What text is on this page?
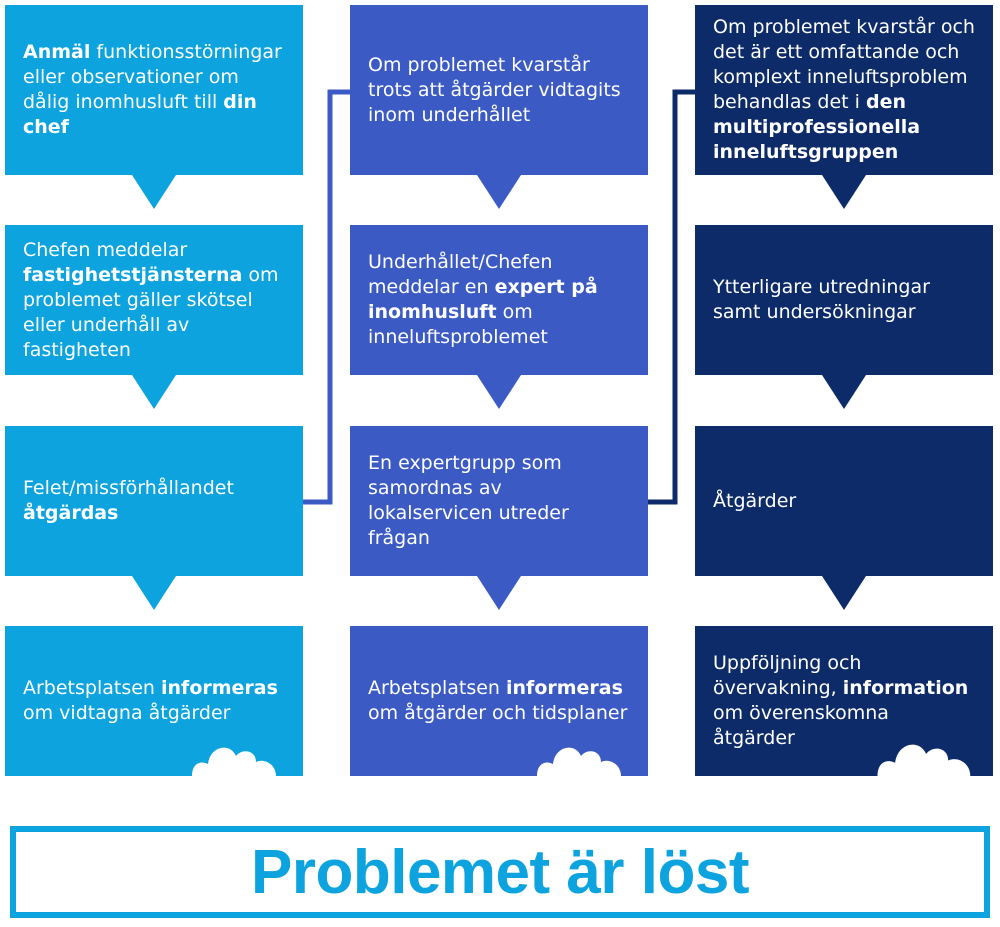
Anmäl funktionsstörningar eller observationer om dålig inomhusluft till din chef
Chefen meddelar fastighetstjänsterna om problemet gäller skötsel eller underhåll av fastigheten
Felet/missförhållandet åtgärdas
Arbetsplatsen informeras om vidtagna åtgärder
Om problemet kvarstår trots att åtgärder vidtagits inom underhållet
Underhållet/Chefen meddelar en expert på inomhusluft om inneluftsproblemet
En expertgrupp som samordnas av lokalservicen utreder frågan
Arbetsplatsen informeras om åtgärder och tidsplaner
Om problemet kvarstår och det är ett omfattande och komplext inneluftsproblem behandlas det i den multiprofessionella inneluftsgruppen
Ytterligare utredningar samt undersökningar
Åtgärder
Uppföljning och övervakning, information om överenskomna åtgärder
Problemet är löst
